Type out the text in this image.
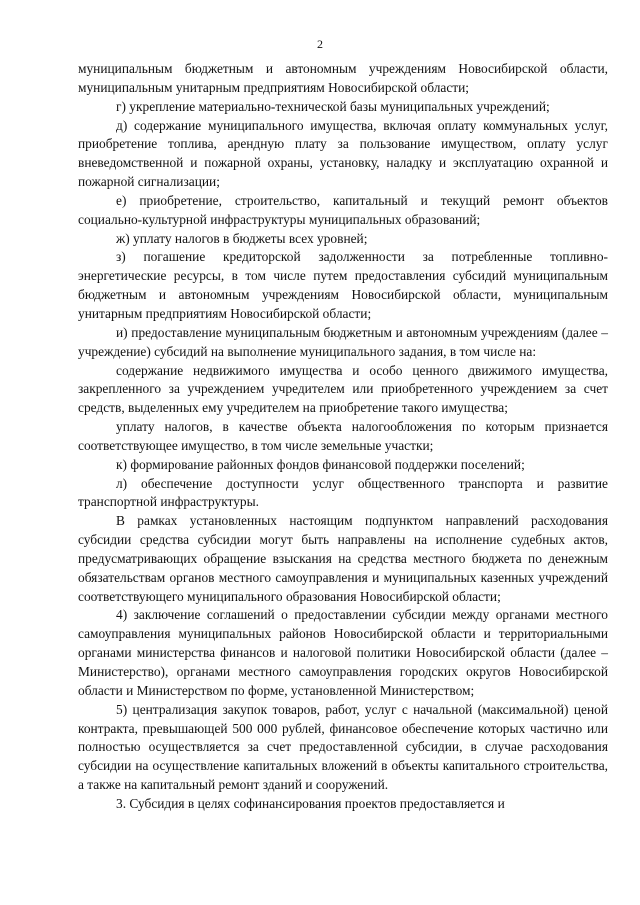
2

муниципальным бюджетным и автономным учреждениям Новосибирской области, муниципальным унитарным предприятиям Новосибирской области;

г) укрепление материально-технической базы муниципальных учреждений;

д) содержание муниципального имущества, включая оплату коммунальных услуг, приобретение топлива, арендную плату за пользование имуществом, оплату услуг вневедомственной и пожарной охраны, установку, наладку и эксплуатацию охранной и пожарной сигнализации;

е) приобретение, строительство, капитальный и текущий ремонт объектов социально-культурной инфраструктуры муниципальных образований;

ж) уплату налогов в бюджеты всех уровней;

з) погашение кредиторской задолженности за потребленные топливно-энергетические ресурсы, в том числе путем предоставления субсидий муниципальным бюджетным и автономным учреждениям Новосибирской области, муниципальным унитарным предприятиям Новосибирской области;

и) предоставление муниципальным бюджетным и автономным учреждениям (далее – учреждение) субсидий на выполнение муниципального задания, в том числе на:

содержание недвижимого имущества и особо ценного движимого имущества, закрепленного за учреждением учредителем или приобретенного учреждением за счет средств, выделенных ему учредителем на приобретение такого имущества;

уплату налогов, в качестве объекта налогообложения по которым признается соответствующее имущество, в том числе земельные участки;

к) формирование районных фондов финансовой поддержки поселений;

л) обеспечение доступности услуг общественного транспорта и развитие транспортной инфраструктуры.

В рамках установленных настоящим подпунктом направлений расходования субсидии средства субсидии могут быть направлены на исполнение судебных актов, предусматривающих обращение взыскания на средства местного бюджета по денежным обязательствам органов местного самоуправления и муниципальных казенных учреждений соответствующего муниципального образования Новосибирской области;

4) заключение соглашений о предоставлении субсидии между органами местного самоуправления муниципальных районов Новосибирской области и территориальными органами министерства финансов и налоговой политики Новосибирской области (далее – Министерство), органами местного самоуправления городских округов Новосибирской области и Министерством по форме, установленной Министерством;

5) централизация закупок товаров, работ, услуг с начальной (максимальной) ценой контракта, превышающей 500 000 рублей, финансовое обеспечение которых частично или полностью осуществляется за счет предоставленной субсидии, в случае расходования субсидии на осуществление капитальных вложений в объекты капитального строительства, а также на капитальный ремонт зданий и сооружений.

3. Субсидия в целях софинансирования проектов предоставляется и
